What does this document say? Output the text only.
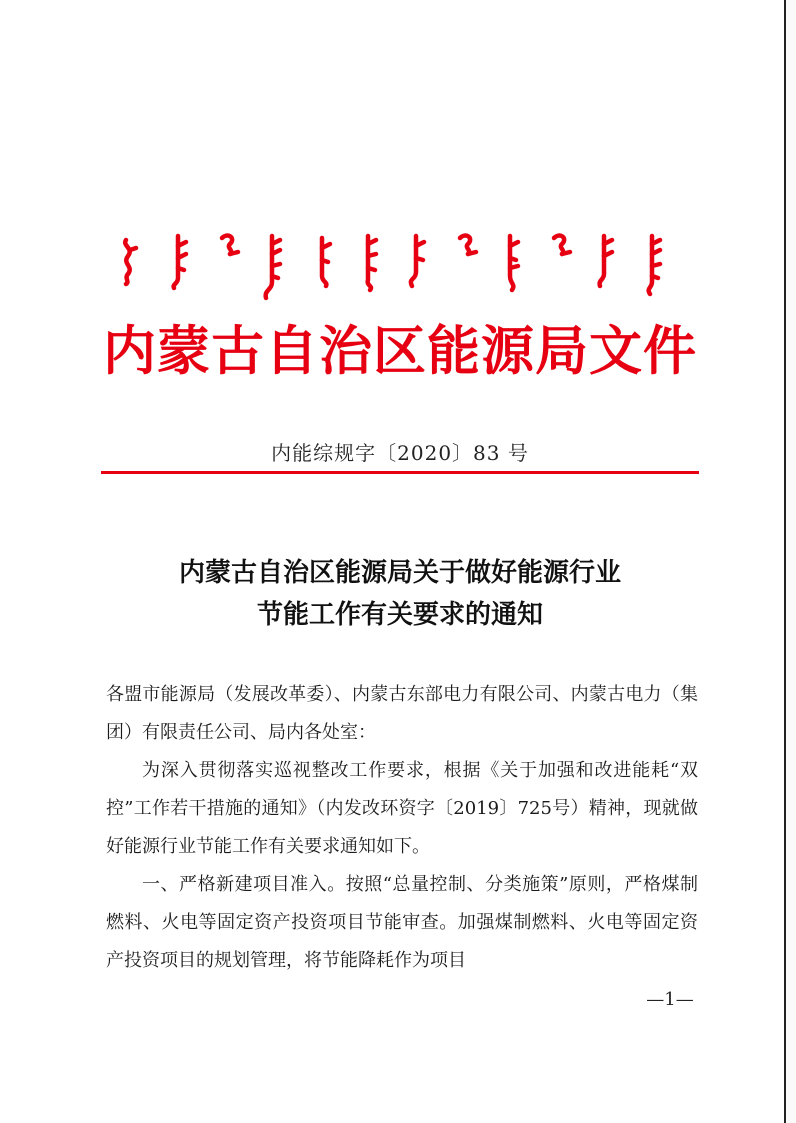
内蒙古自治区能源局文件
内能综规字〔2020〕83 号
内蒙古自治区能源局关于做好能源行业
节能工作有关要求的通知

各盟市能源局（发展改革委）、内蒙古东部电力有限公司、内蒙古电力（集团）有限责任公司、局内各处室：

为深入贯彻落实巡视整改工作要求，根据《关于加强和改进能耗“双控”工作若干措施的通知》（内发改环资字〔2019〕725号）精神，现就做好能源行业节能工作有关要求通知如下。

一、严格新建项目准入。按照“总量控制、分类施策”原则，严格煤制燃料、火电等固定资产投资项目节能审查。加强煤制燃料、火电等固定资产投资项目的规划管理，将节能降耗作为项目

—1—
